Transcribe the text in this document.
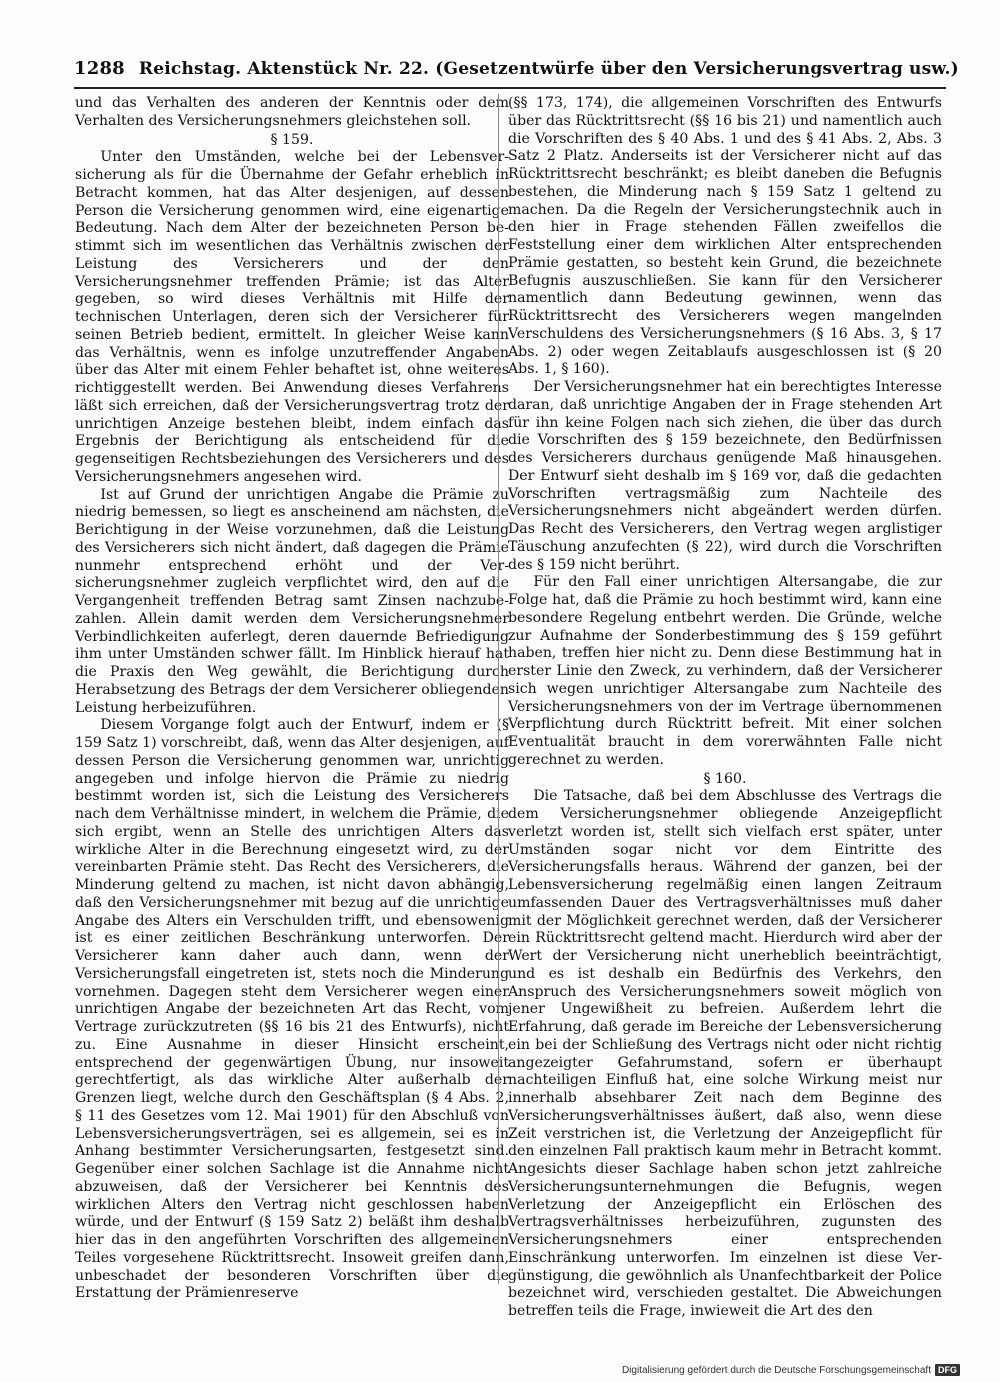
1288 Reichstag. Aktenstück Nr. 22. (Gesetzentwürfe über den Versicherungsvertrag usw.)

und das Verhalten des anderen der Kenntnis oder dem Verhalten des Versicherungsnehmers gleichstehen soll.

§ 159.

Unter den Umständen, welche bei der Lebensversicherung als für die Übernahme der Gefahr erheblich in Betracht kommen, hat das Alter desjenigen, auf dessen Person die Versicherung genommen wird, eine eigenartige Bedeutung. Nach dem Alter der bezeichneten Person bestimmt sich im wesentlichen das Verhältnis zwischen der Leistung des Versicherers und der den Versicherungsnehmer treffenden Prämie; ist das Alter gegeben, so wird dieses Verhältnis mit Hilfe der technischen Unterlagen, deren sich der Versicherer für seinen Betrieb bedient, ermittelt. In gleicher Weise kann das Verhältnis, wenn es infolge unzutreffender Angaben über das Alter mit einem Fehler behaftet ist, ohne weiteres richtiggestellt werden. Bei Anwendung dieses Verfahrens läßt sich erreichen, daß der Versicherungsvertrag trotz der unrichtigen Anzeige bestehen bleibt, indem einfach das Ergebnis der Berichtigung als entscheidend für die gegenseitigen Rechtsbeziehungen des Versicherers und des Versicherungsnehmers angesehen wird.

Ist auf Grund der unrichtigen Angabe die Prämie zu niedrig bemessen, so liegt es anscheinend am nächsten, die Berichtigung in der Weise vorzunehmen, daß die Leistung des Versicherers sich nicht ändert, daß dagegen die Prämie nunmehr entsprechend erhöht und der Versicherungsnehmer zugleich verpflichtet wird, den auf die Vergangenheit treffenden Betrag samt Zinsen nachzubezahlen. Allein damit werden dem Versicherungsnehmer Verbindlichkeiten auferlegt, deren dauernde Befriedigung ihm unter Umständen schwer fällt. Im Hinblick hierauf hat die Praxis den Weg gewählt, die Berichtigung durch Herabsetzung des Betrags der dem Versicherer obliegenden Leistung herbeizuführen.

Diesem Vorgange folgt auch der Entwurf, indem er (§ 159 Satz 1) vorschreibt, daß, wenn das Alter desjenigen, auf dessen Person die Versicherung genommen war, unrichtig angegeben und infolge hiervon die Prämie zu niedrig bestimmt worden ist, sich die Leistung des Versicherers nach dem Verhältnisse mindert, in welchem die Prämie, die sich ergibt, wenn an Stelle des unrichtigen Alters das wirkliche Alter in die Berechnung eingesetzt wird, zu der vereinbarten Prämie steht. Das Recht des Versicherers, die Minderung geltend zu machen, ist nicht davon abhängig, daß den Versicherungsnehmer mit bezug auf die unrichtige Angabe des Alters ein Verschulden trifft, und ebensowenig ist es einer zeitlichen Beschränkung unterworfen. Der Versicherer kann daher auch dann, wenn der Versicherungsfall eingetreten ist, stets noch die Minderung vornehmen. Dagegen steht dem Versicherer wegen einer unrichtigen Angabe der bezeichneten Art das Recht, vom Vertrage zurückzutreten (§§ 16 bis 21 des Entwurfs), nicht zu. Eine Ausnahme in dieser Hinsicht erscheint, entsprechend der gegenwärtigen Übung, nur insoweit gerechtfertigt, als das wirkliche Alter außerhalb der Grenzen liegt, welche durch den Geschäftsplan (§ 4 Abs. 2, § 11 des Gesetzes vom 12. Mai 1901) für den Abschluß von Lebensversicherungsverträgen, sei es allgemein, sei es in Anhang bestimmter Versicherungsarten, festgesetzt sind. Gegenüber einer solchen Sachlage ist die Annahme nicht abzuweisen, daß der Versicherer bei Kenntnis des wirklichen Alters den Vertrag nicht geschlossen haben würde, und der Entwurf (§ 159 Satz 2) beläßt ihm deshalb hier das in den angeführten Vorschriften des allgemeinen Teiles vorgesehene Rücktrittsrecht. Insoweit greifen dann, unbeschadet der besonderen Vorschriften über die Erstattung der Prämienreserve

(§§ 173, 174), die allgemeinen Vorschriften des Entwurfs über das Rücktrittsrecht (§§ 16 bis 21) und namentlich auch die Vorschriften des § 40 Abs. 1 und des § 41 Abs. 2, Abs. 3 Satz 2 Platz. Anderseits ist der Versicherer nicht auf das Rücktrittsrecht beschränkt; es bleibt daneben die Befugnis bestehen, die Minderung nach § 159 Satz 1 geltend zu machen. Da die Regeln der Versicherungstechnik auch in den hier in Frage stehenden Fällen zweifellos die Feststellung einer dem wirklichen Alter entsprechenden Prämie gestatten, so besteht kein Grund, die bezeichnete Befugnis auszuschließen. Sie kann für den Versicherer namentlich dann Bedeutung gewinnen, wenn das Rücktrittsrecht des Versicherers wegen mangelnden Verschuldens des Versicherungsnehmers (§ 16 Abs. 3, § 17 Abs. 2) oder wegen Zeitablaufs ausgeschlossen ist (§ 20 Abs. 1, § 160).

Der Versicherungsnehmer hat ein berechtigtes Interesse daran, daß unrichtige Angaben der in Frage stehenden Art für ihn keine Folgen nach sich ziehen, die über das durch die Vorschriften des § 159 bezeichnete, den Bedürfnissen des Versicherers durchaus genügende Maß hinausgehen. Der Entwurf sieht deshalb im § 169 vor, daß die gedachten Vorschriften vertragsmäßig zum Nachteile des Versicherungsnehmers nicht abgeändert werden dürfen. Das Recht des Versicherers, den Vertrag wegen arglistiger Täuschung anzufechten (§ 22), wird durch die Vorschriften des § 159 nicht berührt.

Für den Fall einer unrichtigen Altersangabe, die zur Folge hat, daß die Prämie zu hoch bestimmt wird, kann eine besondere Regelung entbehrt werden. Die Gründe, welche zur Aufnahme der Sonderbestimmung des § 159 geführt haben, treffen hier nicht zu. Denn diese Bestimmung hat in erster Linie den Zweck, zu verhindern, daß der Versicherer sich wegen unrichtiger Altersangabe zum Nachteile des Versicherungsnehmers von der im Vertrage übernommenen Verpflichtung durch Rücktritt befreit. Mit einer solchen Eventualität braucht in dem vorerwähnten Falle nicht gerechnet zu werden.

§ 160.

Die Tatsache, daß bei dem Abschlusse des Vertrags die dem Versicherungsnehmer obliegende Anzeigepflicht verletzt worden ist, stellt sich vielfach erst später, unter Umständen sogar nicht vor dem Eintritte des Versicherungsfalls heraus. Während der ganzen, bei der Lebensversicherung regelmäßig einen langen Zeitraum umfassenden Dauer des Vertragsverhältnisses muß daher mit der Möglichkeit gerechnet werden, daß der Versicherer ein Rücktrittsrecht geltend macht. Hierdurch wird aber der Wert der Versicherung nicht unerheblich beeinträchtigt, und es ist deshalb ein Bedürfnis des Verkehrs, den Anspruch des Versicherungsnehmers soweit möglich von jener Ungewißheit zu befreien. Außerdem lehrt die Erfahrung, daß gerade im Bereiche der Lebensversicherung ein bei der Schließung des Vertrags nicht oder nicht richtig angezeigter Gefahrumstand, sofern er überhaupt nachteiligen Einfluß hat, eine solche Wirkung meist nur innerhalb absehbarer Zeit nach dem Beginne des Versicherungsverhältnisses äußert, daß also, wenn diese Zeit verstrichen ist, die Verletzung der Anzeigepflicht für den einzelnen Fall praktisch kaum mehr in Betracht kommt. Angesichts dieser Sachlage haben schon jetzt zahlreiche Versicherungsunternehmungen die Befugnis, wegen Verletzung der Anzeigepflicht ein Erlöschen des Vertragsverhältnisses herbeizuführen, zugunsten des Versicherungsnehmers einer entsprechenden Einschränkung unterworfen. Im einzelnen ist diese Vergünstigung, die gewöhnlich als Unanfechtbarkeit der Police bezeichnet wird, verschieden gestaltet. Die Abweichungen betreffen teils die Frage, inwieweit die Art des den

Digitalisierung gefördert durch die Deutsche Forschungsgemeinschaft DFG
